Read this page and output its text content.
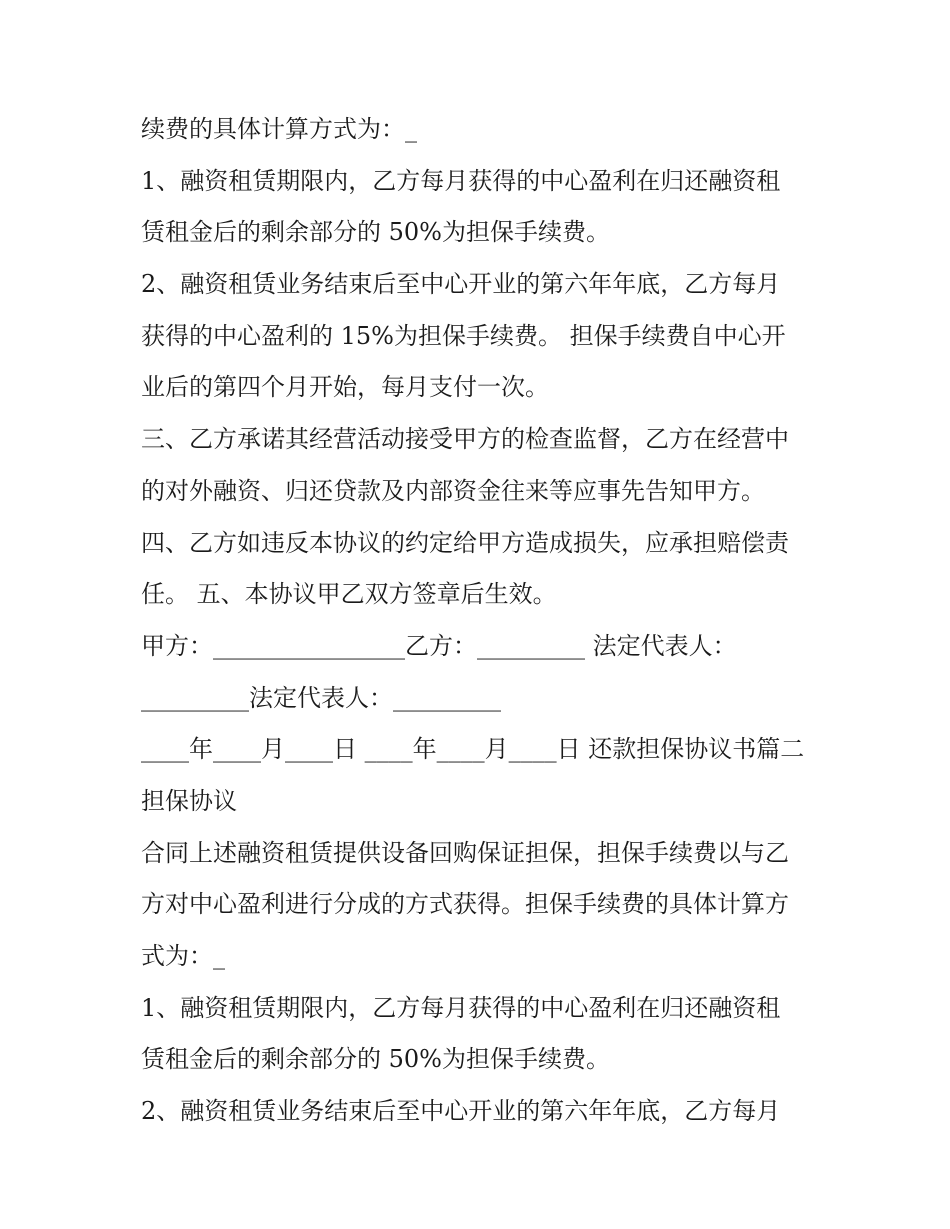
续费的具体计算方式为：_
1、融资租赁期限内，乙方每月获得的中心盈利在归还融资租
赁租金后的剩余部分的 50%为担保手续费。
2、融资租赁业务结束后至中心开业的第六年年底，乙方每月
获得的中心盈利的 15%为担保手续费。 担保手续费自中心开
业后的第四个月开始，每月支付一次。
三、乙方承诺其经营活动接受甲方的检查监督，乙方在经营中
的对外融资、归还贷款及内部资金往来等应事先告知甲方。
四、乙方如违反本协议的约定给甲方造成损失，应承担赔偿责
任。 五、本协议甲乙双方签章后生效。
甲方：________________乙方：_________ 法定代表人：
_________法定代表人：_________
____年____月____日 ____年____月____日 还款担保协议书篇二
担保协议
合同上述融资租赁提供设备回购保证担保，担保手续费以与乙
方对中心盈利进行分成的方式获得。担保手续费的具体计算方
式为：_
1、融资租赁期限内，乙方每月获得的中心盈利在归还融资租
赁租金后的剩余部分的 50%为担保手续费。
2、融资租赁业务结束后至中心开业的第六年年底，乙方每月
